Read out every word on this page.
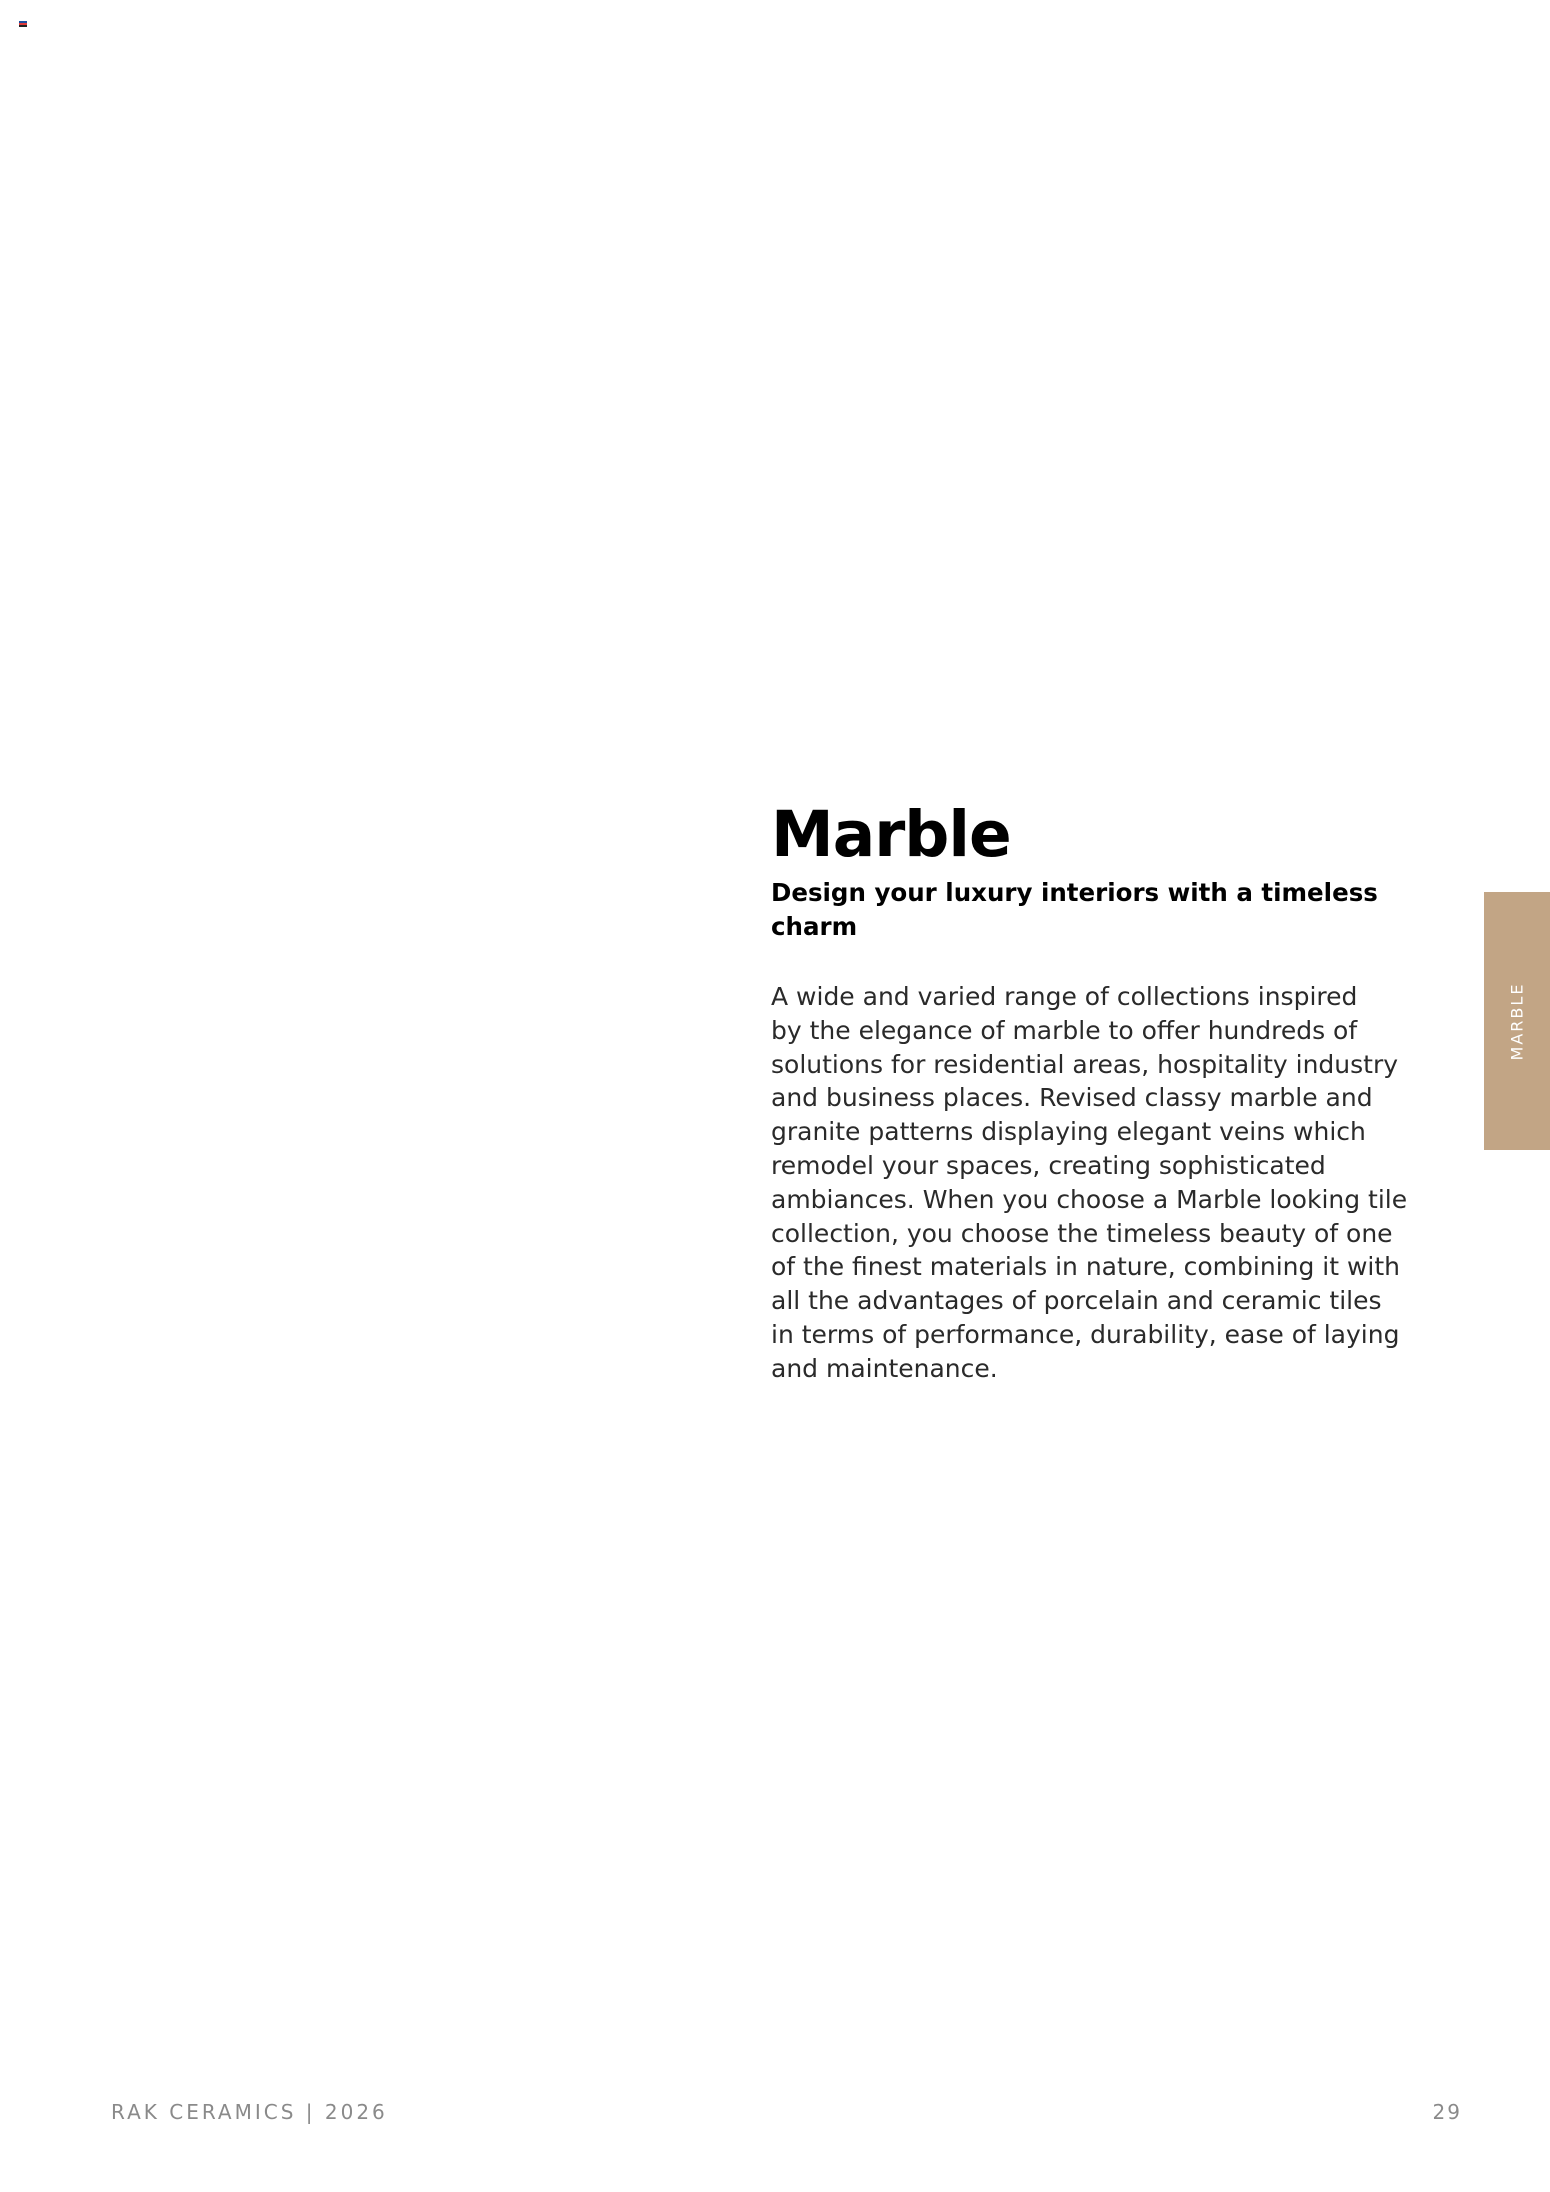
Marble
Design your luxury interiors with a timeless charm

A wide and varied range of collections inspired
by the elegance of marble to offer hundreds of
solutions for residential areas, hospitality industry
and business places. Revised classy marble and
granite patterns displaying elegant veins which
remodel your spaces, creating sophisticated
ambiances. When you choose a Marble looking tile
collection, you choose the timeless beauty of one
of the finest materials in nature, combining it with
all the advantages of porcelain and ceramic tiles
in terms of performance, durability, ease of laying
and maintenance.

MARBLE
RAK CERAMICS | 2026	29
